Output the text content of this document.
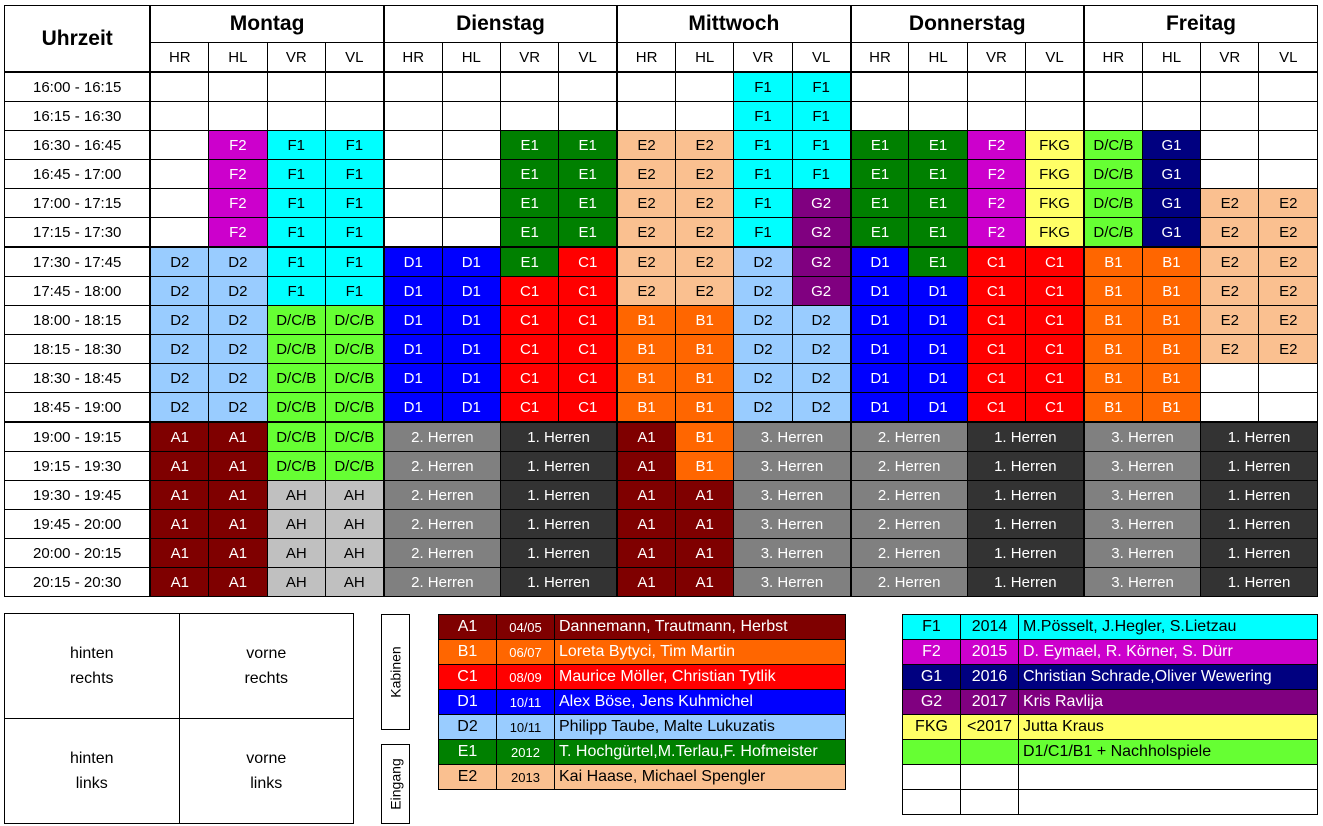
Uhrzeit	Montag				Dienstag				Mittwoch				Donnerstag				Freitag			
	HR	HL	VR	VL	HR	HL	VR	VL	HR	HL	VR	VL	HR	HL	VR	VL	HR	HL	VR	VL
16:00 - 16:15											F1	F1								
16:15 - 16:30											F1	F1								
16:30 - 16:45		F2	F1	F1			E1	E1	E2	E2	F1	F1	E1	E1	F2	FKG	D/C/B	G1		
16:45 - 17:00		F2	F1	F1			E1	E1	E2	E2	F1	F1	E1	E1	F2	FKG	D/C/B	G1		
17:00 - 17:15		F2	F1	F1			E1	E1	E2	E2	F1	G2	E1	E1	F2	FKG	D/C/B	G1	E2	E2
17:15 - 17:30		F2	F1	F1			E1	E1	E2	E2	F1	G2	E1	E1	F2	FKG	D/C/B	G1	E2	E2
17:30 - 17:45	D2	D2	F1	F1	D1	D1	E1	C1	E2	E2	D2	G2	D1	E1	C1	C1	B1	B1	E2	E2
17:45 - 18:00	D2	D2	F1	F1	D1	D1	C1	C1	E2	E2	D2	G2	D1	D1	C1	C1	B1	B1	E2	E2
18:00 - 18:15	D2	D2	D/C/B	D/C/B	D1	D1	C1	C1	B1	B1	D2	D2	D1	D1	C1	C1	B1	B1	E2	E2
18:15 - 18:30	D2	D2	D/C/B	D/C/B	D1	D1	C1	C1	B1	B1	D2	D2	D1	D1	C1	C1	B1	B1	E2	E2
18:30 - 18:45	D2	D2	D/C/B	D/C/B	D1	D1	C1	C1	B1	B1	D2	D2	D1	D1	C1	C1	B1	B1		
18:45 - 19:00	D2	D2	D/C/B	D/C/B	D1	D1	C1	C1	B1	B1	D2	D2	D1	D1	C1	C1	B1	B1		
19:00 - 19:15	A1	A1	D/C/B	D/C/B	2. Herren		1. Herren		A1	B1	3. Herren		2. Herren		1. Herren		3. Herren		1. Herren	
19:15 - 19:30	A1	A1	D/C/B	D/C/B	2. Herren		1. Herren		A1	B1	3. Herren		2. Herren		1. Herren		3. Herren		1. Herren	
19:30 - 19:45	A1	A1	AH	AH	2. Herren		1. Herren		A1	A1	3. Herren		2. Herren		1. Herren		3. Herren		1. Herren	
19:45 - 20:00	A1	A1	AH	AH	2. Herren		1. Herren		A1	A1	3. Herren		2. Herren		1. Herren		3. Herren		1. Herren	
20:00 - 20:15	A1	A1	AH	AH	2. Herren		1. Herren		A1	A1	3. Herren		2. Herren		1. Herren		3. Herren		1. Herren	
20:15 - 20:30	A1	A1	AH	AH	2. Herren		1. Herren		A1	A1	3. Herren		2. Herren		1. Herren		3. Herren		1. Herren	
hinten
rechts	vorne
rechts
hinten
links	vorne
links
Kabinen
Eingang
A1	04/05	Dannemann, Trautmann, Herbst
B1	06/07	Loreta Bytyci, Tim Martin
C1	08/09	Maurice Möller, Christian Tytlik
D1	10/11	Alex Böse, Jens Kuhmichel
D2	10/11	Philipp Taube, Malte Lukuzatis
E1	2012	T. Hochgürtel,M.Terlau,F. Hofmeister
E2	2013	Kai Haase, Michael Spengler
F1	2014	M.Pösselt, J.Hegler, S.Lietzau
F2	2015	D. Eymael, R. Körner, S. Dürr
G1	2016	Christian Schrade,Oliver Wewering
G2	2017	Kris Ravlija
FKG	<2017	Jutta Kraus
		D1/C1/B1 + Nachholspiele
